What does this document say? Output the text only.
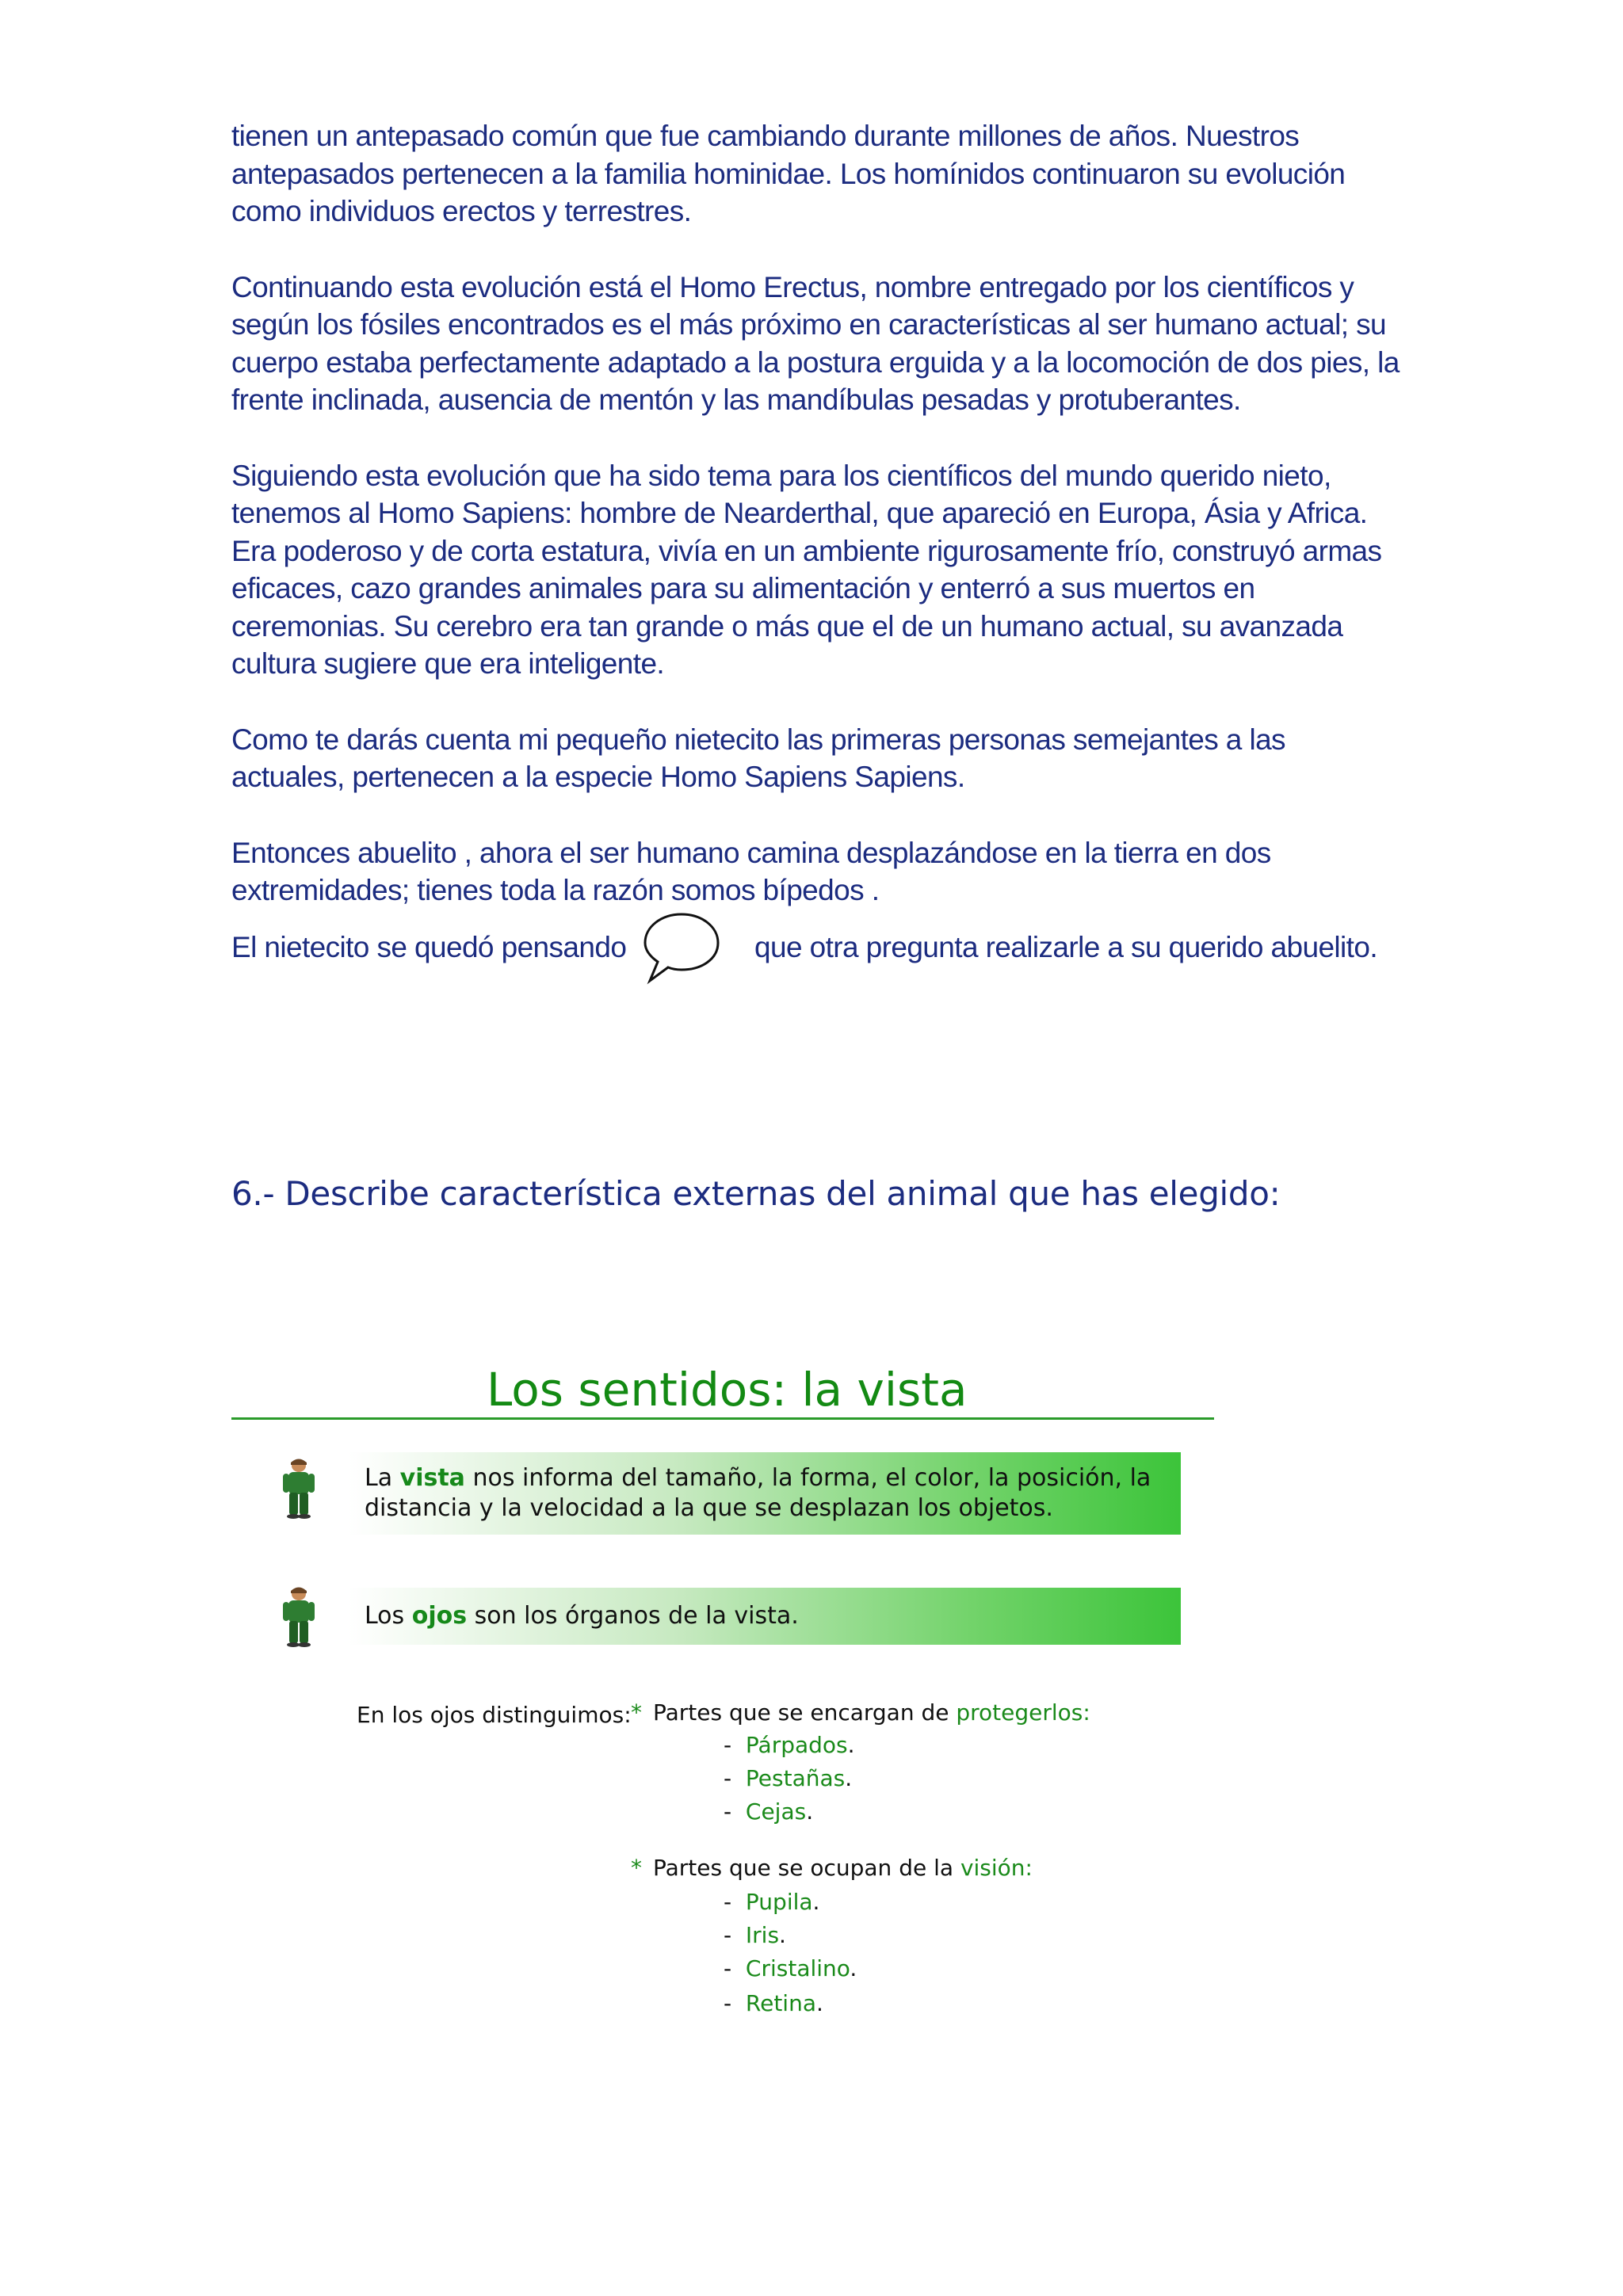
tienen un antepasado común que fue cambiando durante millones de años. Nuestros antepasados pertenecen a la familia hominidae. Los homínidos continuaron su evolución como individuos erectos y terrestres.

Continuando esta evolución está el Homo Erectus, nombre entregado por los científicos y según los fósiles encontrados es el más próximo en características al ser humano actual; su cuerpo estaba perfectamente adaptado a la postura erguida y a la locomoción de dos pies, la frente inclinada, ausencia de mentón y las mandíbulas pesadas y protuberantes.

Siguiendo esta evolución que ha sido tema para los científicos del mundo querido nieto, tenemos al Homo Sapiens: hombre de Nearderthal, que apareció en Europa, Ásia y Africa. Era poderoso y de corta estatura, vivía en un ambiente rigurosamente frío, construyó armas eficaces, cazo grandes animales para su alimentación y enterró a sus muertos en ceremonias. Su cerebro era tan grande o más que el de un humano actual, su avanzada cultura sugiere que era inteligente.

Como te darás cuenta mi pequeño nietecito las primeras personas semejantes a las actuales, pertenecen a la especie Homo Sapiens Sapiens.

Entonces abuelito , ahora el ser humano camina desplazándose en la tierra en dos extremidades; tienes toda la razón somos bípedos .

El nietecito se quedó pensando	que otra pregunta realizarle a su querido abuelito.
6.- Describe característica externas del animal que has elegido:
Los sentidos: la vista
La vista nos informa del tamaño, la forma, el color, la posición, la
distancia y la velocidad a la que se desplazan los objetos.
Los ojos son los órganos de la vista.
En los ojos distinguimos: * Partes que se encargan de protegerlos:
-  Párpados.
-  Pestañas.
-  Cejas.
* Partes que se ocupan de la visión:
-  Pupila.
-  Iris.
-  Cristalino.
-  Retina.
